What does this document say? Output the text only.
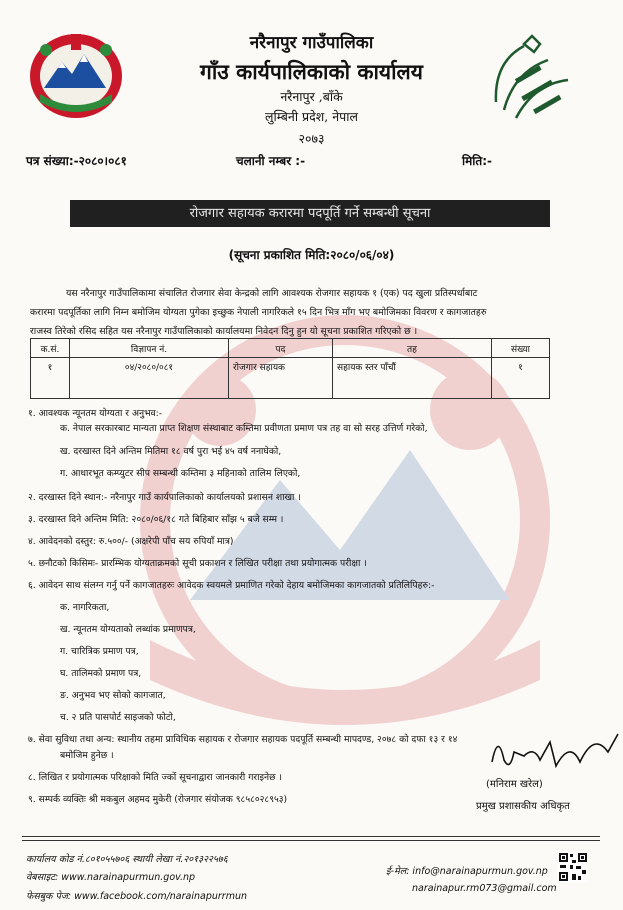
नरैनापुर गाउँपालिका
गाँउ कार्यपालिकाको कार्यालय
नरैनापुर ,बाँके
लुम्बिनी प्रदेश, नेपाल
२०७३
पत्र संख्या:-२०८०।०८१	चलानी नम्बर :-	मिति:-
रोजगार सहायक करारमा पदपूर्ति गर्ने सम्बन्धी सूचना
(सूचना प्रकाशित मिति:२०८०/०६/०४)
यस नरैनापुर गाउँपालिकामा संचालित रोजगार सेवा केन्द्रको लागि आवश्यक रोजगार सहायक १ (एक) पद खुला प्रतिस्पर्धाबाट
करारमा पदपूर्तिका लागि निम्न बमोजिम योग्यता पुगेका इच्छुक नेपाली नागरिकले १५ दिन भित्र माँग भए बमोजिमका विवरण र कागजातहरु
राजस्व तिरेको रसिद सहित यस नरैनापुर गाउँपालिकाको कार्यालयमा निवेदन दिनु हुन यो सूचना प्रकाशित गरिएको छ ।
क.सं.	विज्ञापन नं.	पद	तह	संख्या
१	०४/२०८०/०८१	रोजगार सहायक	सहायक स्तर पाँचौं	१
१. आवश्यक न्यूनतम योग्यता र अनुभव:-
क. नेपाल सरकारबाट मान्यता प्राप्त शिक्षण संस्थाबाट कम्तिमा प्रवीणता प्रमाण पत्र तह वा सो सरह उत्तिर्ण गरेको,
ख. दरखास्त दिने अन्तिम मितिमा १८ वर्ष पुरा भई ४५ वर्ष ननाघेको,
ग. आधारभूत कम्प्युटर सीप सम्बन्धी कम्तिमा ३ महिनाको तालिम लिएको,
२. दरखास्त दिने स्थान:- नरैनापुर गाउँ कार्यपालिकाको कार्यालयको प्रशासन शाखा ।
३. दरखास्त दिने अन्तिम मिति: २०८०/०६/१८ गते बिहिबार साँझ ५ बजे सम्म ।
४. आवेदनको दस्तुर: रु.५००/- (अक्षरेपी पाँच सय रुपियाँ मात्र)
५. छनौटको किसिमः- प्रारम्भिक योग्यताक्रमको सूची प्रकाशन र लिखित परीक्षा तथा प्रयोगात्मक परीक्षा ।
६. आवेदन साथ संलग्न गर्नु पर्ने कागजातहरुः आवेदक स्वयमले प्रमाणित गरेको देहाय बमोजिमका कागजातको प्रतिलिपिहरु:-
क. नागरिकता,
ख. न्यूनतम योग्यताको लब्धांक प्रमाणपत्र,
ग. चारित्रिक प्रमाण पत्र,
घ. तालिमको प्रमाण पत्र,
ङ. अनुभव भए सोको कागजात,
च. २ प्रति पासपोर्ट साइजको फोटो,
७. सेवा सुविधा तथा अन्य: स्थानीय तहमा प्राविधिक सहायक र रोजगार सहायक पदपूर्ति सम्बन्धी मापदण्ड, २०७८ को दफा १३ र १४
बमोजिम हुनेछ ।
८. लिखित र प्रयोगात्मक परिक्षाको मिति ज्कों सूचनाद्वारा जानकारी गराइनेछ ।
९. सम्पर्क व्यक्तिः श्री मकबुल अहमद मुकेरी (रोजगार संयोजक ९८५८०२८९५३)
(मनिराम खरेल)
प्रमुख प्रशासकीय अधिकृत
कार्यालय कोड नं.८०१०५५७०६ स्थायी लेखा नं.२०१३२२५७६
वेबसाइट: www.narainapurmun.gov.np
फेसबुक पेज: www.facebook.com/narainapurrmun
ई-मेल: info@narainapurmun.gov.np
narainapur.rm073@gmail.com
